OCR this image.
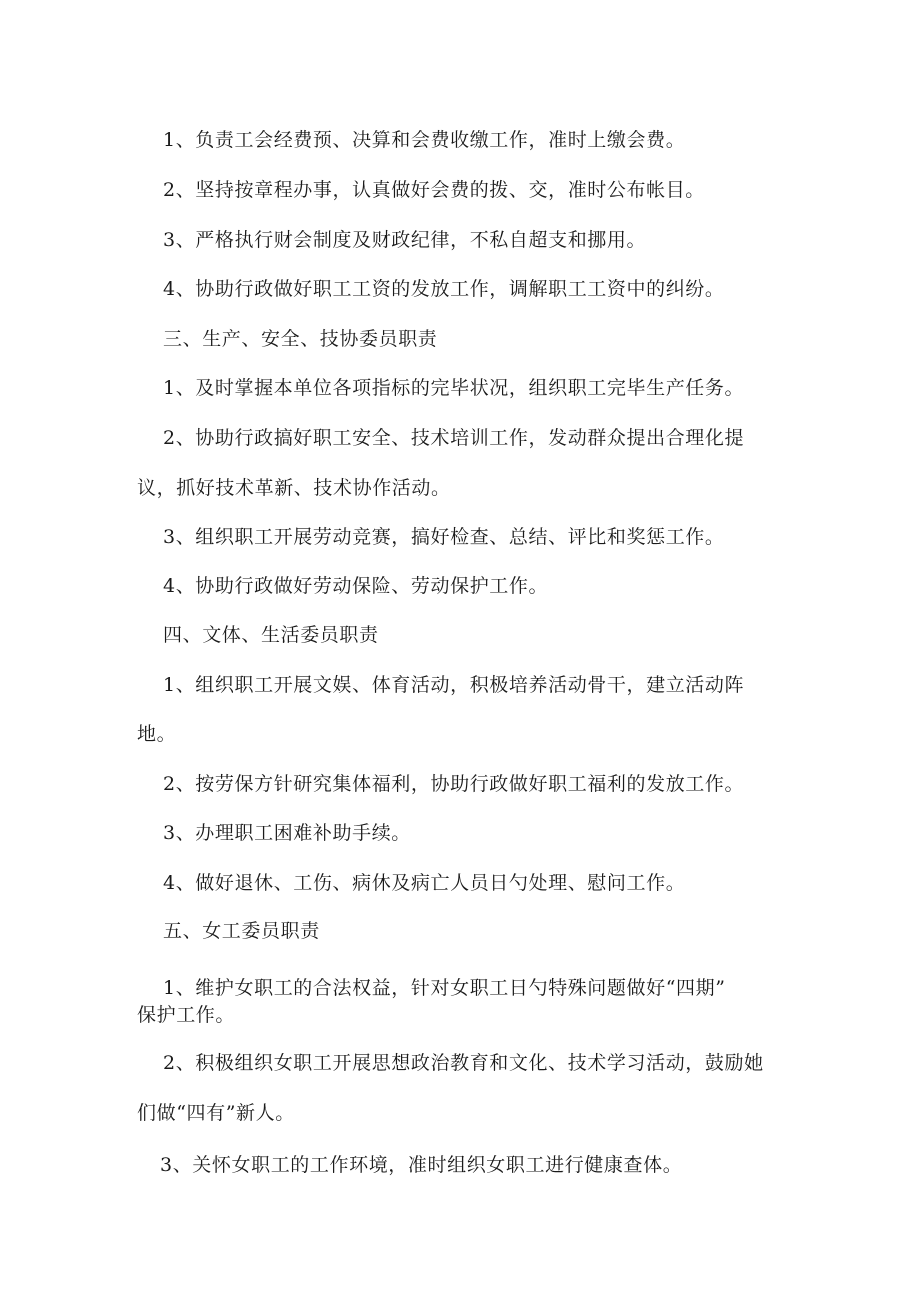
1、负责工会经费预、决算和会费收缴工作，准时上缴会费。
2、坚持按章程办事，认真做好会费的拨、交，准时公布帐目。
3、严格执行财会制度及财政纪律，不私自超支和挪用。
4、协助行政做好职工工资的发放工作，调解职工工资中的纠纷。
三、生产、安全、技协委员职责
1、及时掌握本单位各项指标的完毕状况，组织职工完毕生产任务。
2、协助行政搞好职工安全、技术培训工作，发动群众提出合理化提
议，抓好技术革新、技术协作活动。
3、组织职工开展劳动竞赛，搞好检查、总结、评比和奖惩工作。
4、协助行政做好劳动保险、劳动保护工作。
四、文体、生活委员职责
1、组织职工开展文娱、体育活动，积极培养活动骨干，建立活动阵
地。
2、按劳保方针研究集体福利，协助行政做好职工福利的发放工作。
3、办理职工困难补助手续。
4、做好退休、工伤、病休及病亡人员日勺处理、慰问工作。
五、女工委员职责
1、维护女职工的合法权益，针对女职工日勺特殊问题做好“四期”
保护工作。
2、积极组织女职工开展思想政治教育和文化、技术学习活动，鼓励她
们做“四有”新人。
3、关怀女职工的工作环境，准时组织女职工进行健康查体。
